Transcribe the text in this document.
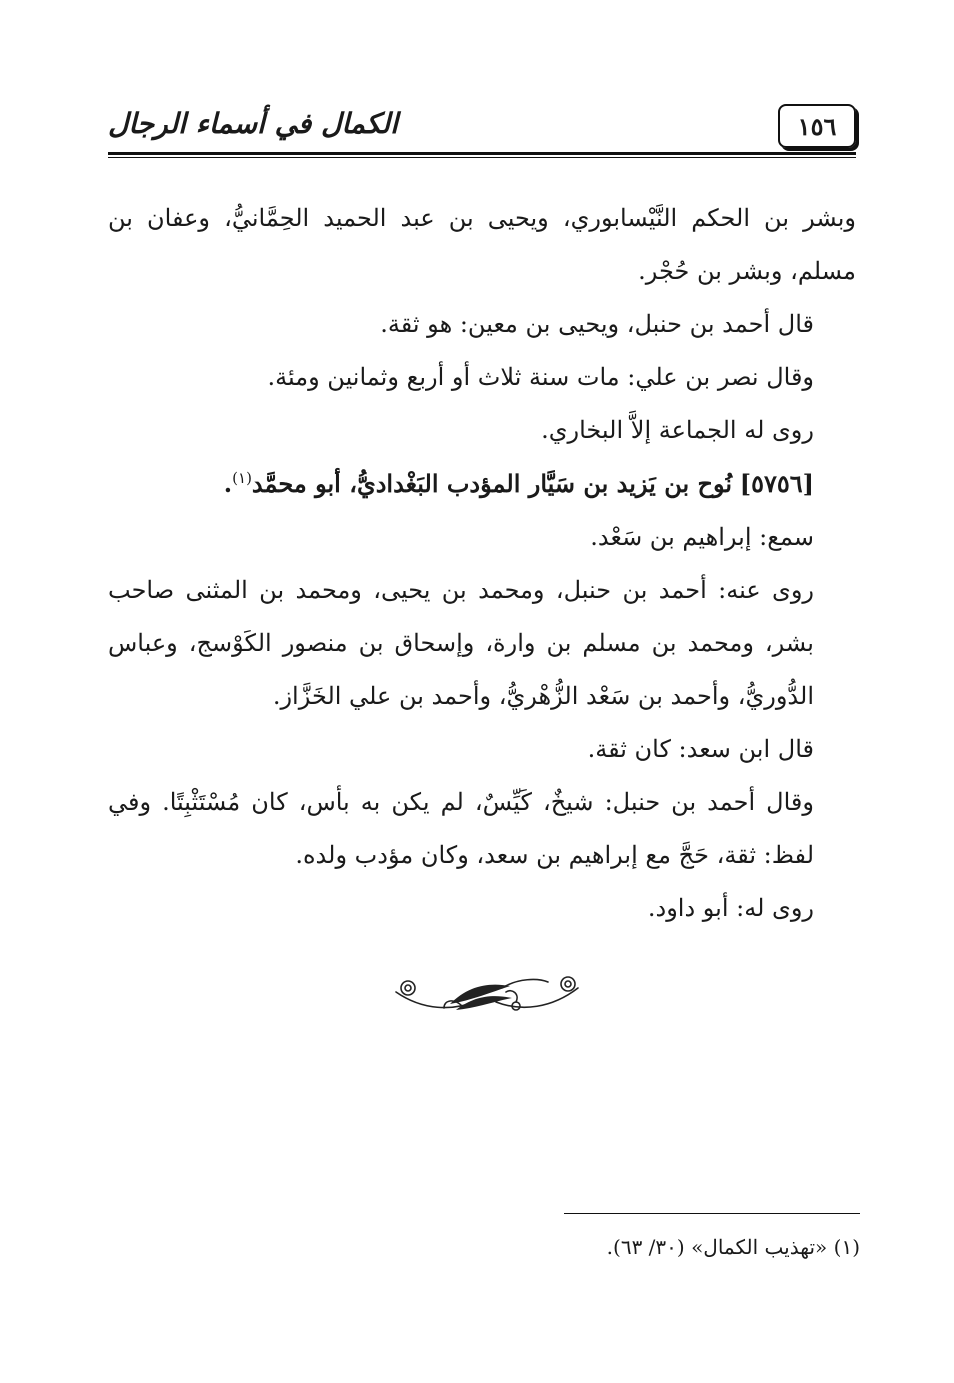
الكمال في أسماء الرجال	١٥٦

وبشر بن الحكم النَّيْسابوري، ويحيى بن عبد الحميد الحِمَّانيُّ، وعفان بن مسلم، وبشر بن حُجْر.

قال أحمد بن حنبل، ويحيى بن معين: هو ثقة.

وقال نصر بن علي: مات سنة ثلاث أو أربع وثمانين ومئة.

روى له الجماعة إلاَّ البخاري.

[٥٧٥٦] نُوح بن يَزيد بن سَيَّار المؤدب البَغْداديُّ، أبو محمَّد$^{(١)}$.

سمع: إبراهيم بن سَعْد.

روى عنه: أحمد بن حنبل، ومحمد بن يحيى، ومحمد بن المثنى صاحب بشر، ومحمد بن مسلم بن وارة، وإسحاق بن منصور الكَوْسج، وعباس الدُّوريُّ، وأحمد بن سَعْد الزُّهْريُّ، وأحمد بن علي الخَزَّاز.

قال ابن سعد: كان ثقة.

وقال أحمد بن حنبل: شيخٌ، كَيِّسٌ، لم يكن به بأس، كان مُسْتَثْبِتًا. وفي لفظ: ثقة، حَجَّ مع إبراهيم بن سعد، وكان مؤدب ولده.

روى له: أبو داود.

(١) «تهذيب الكمال» (٣٠/ ٦٣).
